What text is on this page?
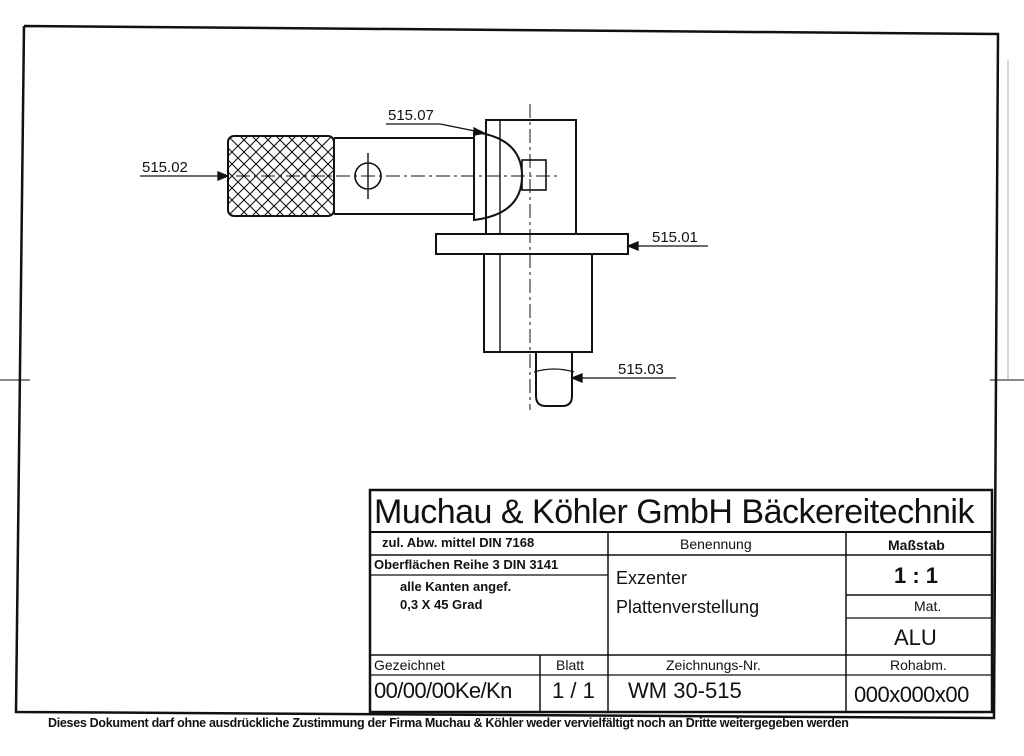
515.07
515.02
515.01
515.03
Muchau & Köhler GmbH Bäckereitechnik
zul. Abw. mittel DIN 7168
Oberflächen Reihe 3 DIN 3141
alle Kanten angef.
0,3 X 45 Grad
Benennung
Exzenter
Plattenverstellung
Maßstab
1 : 1
Mat.
ALU
Gezeichnet
00/00/00Ke/Kn
Blatt
1 / 1
Zeichnungs-Nr.
WM 30-515
Rohabm.
000x000x00
Dieses Dokument darf ohne ausdrückliche Zustimmung der Firma Muchau & Köhler weder vervielfältigt noch an Dritte weitergegeben werden
